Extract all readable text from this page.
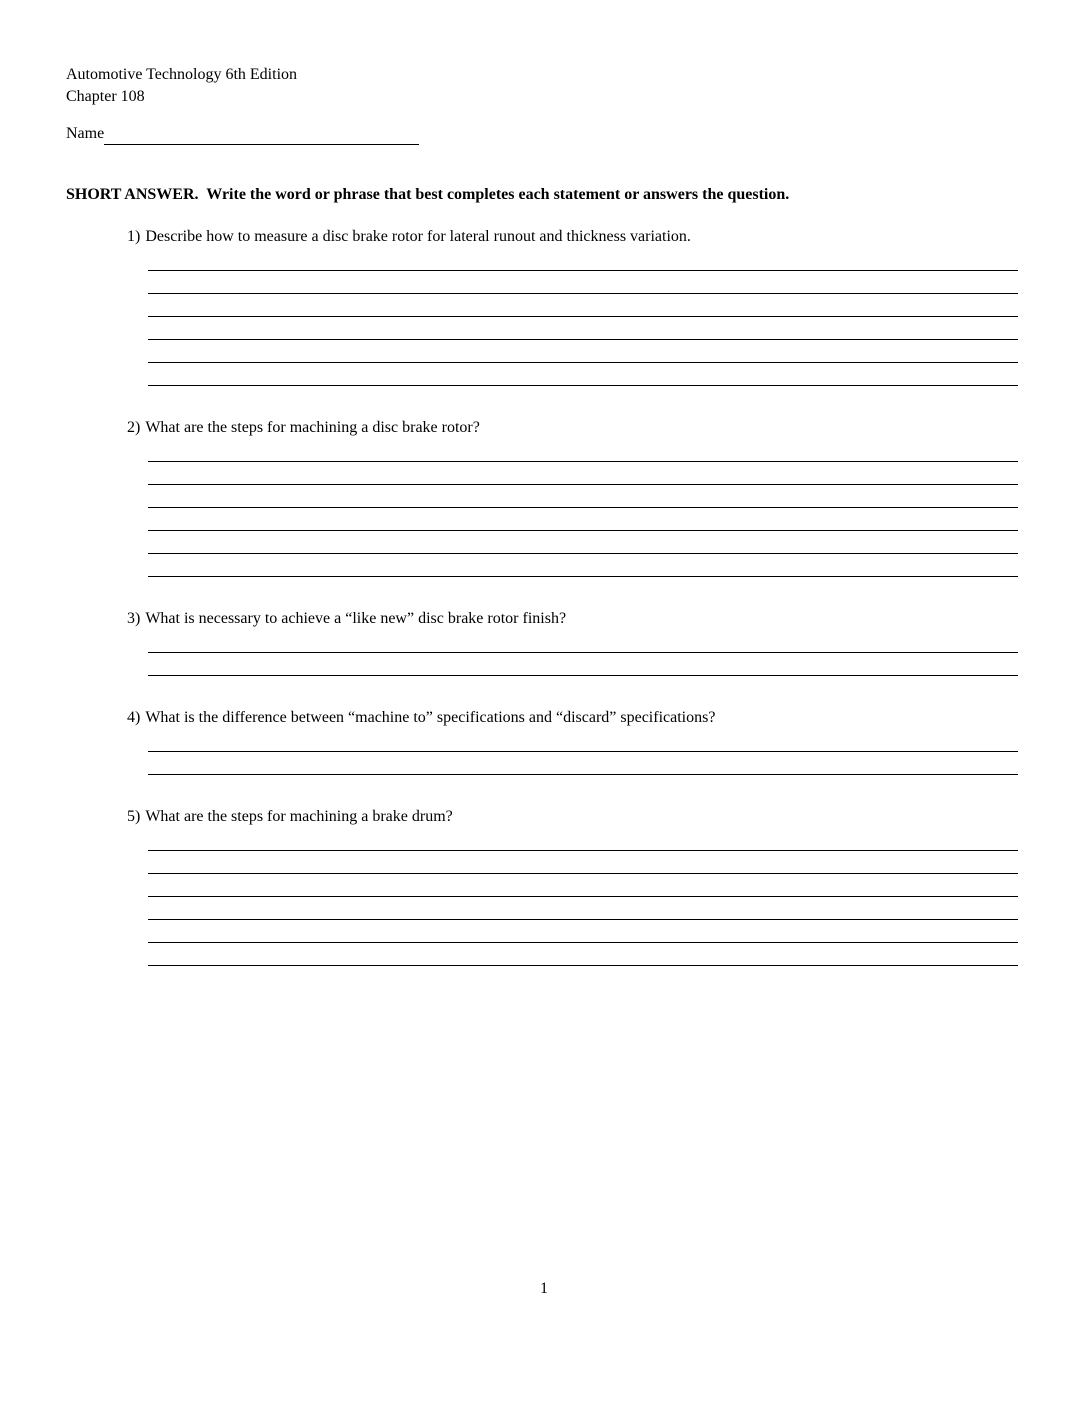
Automotive Technology 6th Edition
Chapter 108
Name
SHORT ANSWER.  Write the word or phrase that best completes each statement or answers the question.
1) Describe how to measure a disc brake rotor for lateral runout and thickness variation.
2) What are the steps for machining a disc brake rotor?
3) What is necessary to achieve a “like new” disc brake rotor finish?
4) What is the difference between “machine to” specifications and “discard” specifications?
5) What are the steps for machining a brake drum?
1
